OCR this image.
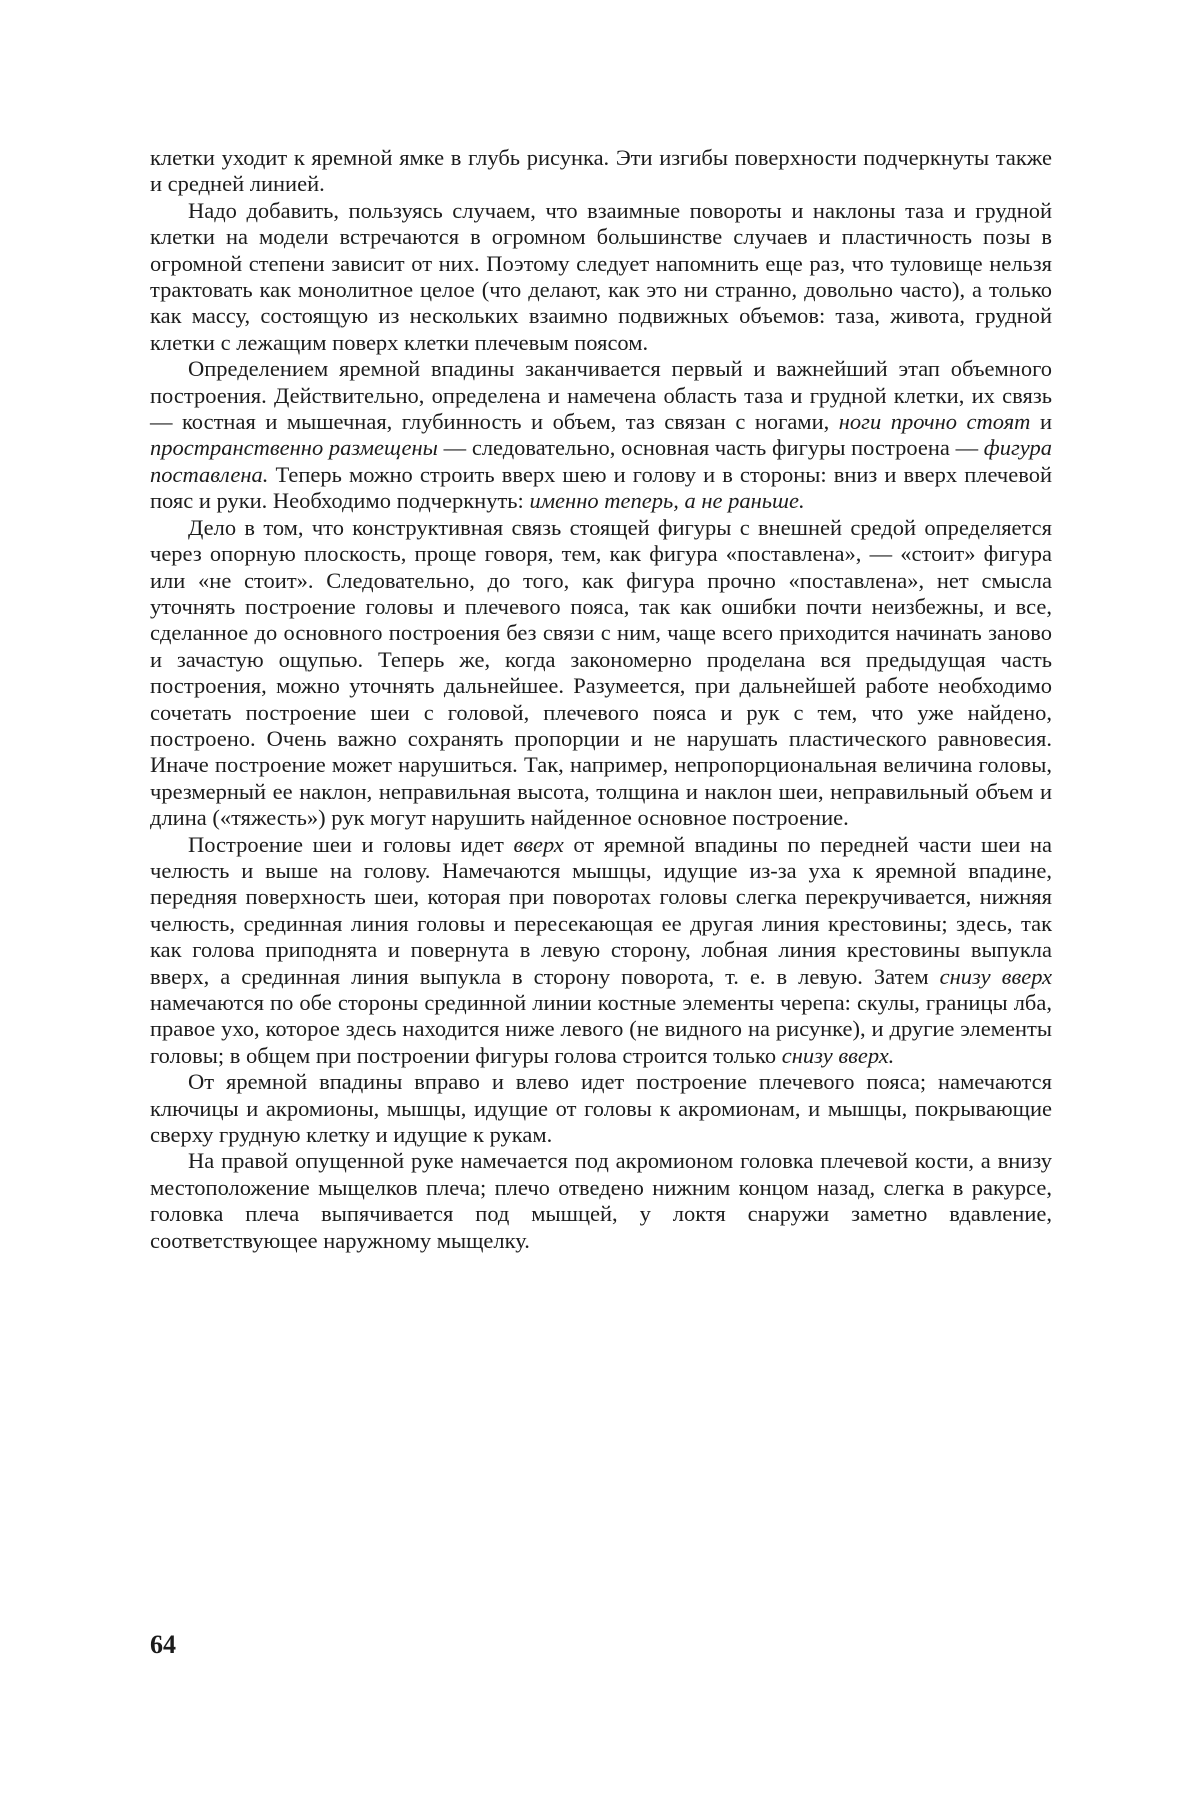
клетки уходит к яремной ямке в глубь рисунка. Эти изгибы поверхности подчеркнуты также и средней линией.

Надо добавить, пользуясь случаем, что взаимные повороты и наклоны таза и грудной клетки на модели встречаются в огромном большинстве случаев и пластичность позы в огромной степени зависит от них. Поэтому следует напомнить еще раз, что туловище нельзя трактовать как монолитное целое (что делают, как это ни странно, довольно часто), а только как массу, состоящую из нескольких взаимно подвижных объемов: таза, живота, грудной клетки с лежащим поверх клетки плечевым поясом.

Определением яремной впадины заканчивается первый и важнейший этап объемного построения. Действительно, определена и намечена область таза и грудной клетки, их связь — костная и мышечная, глубинность и объем, таз связан с ногами, ноги прочно стоят и пространственно размещены — следовательно, основная часть фигуры построена — фигура поставлена. Теперь можно строить вверх шею и голову и в стороны: вниз и вверх плечевой пояс и руки. Необходимо подчеркнуть: именно теперь, а не раньше.

Дело в том, что конструктивная связь стоящей фигуры с внешней средой определяется через опорную плоскость, проще говоря, тем, как фигура «поставлена», — «стоит» фигура или «не стоит». Следовательно, до того, как фигура прочно «поставлена», нет смысла уточнять построение головы и плечевого пояса, так как ошибки почти неизбежны, и все, сделанное до основного построения без связи с ним, чаще всего приходится начинать заново и зачастую ощупью. Теперь же, когда закономерно проделана вся предыдущая часть построения, можно уточнять дальнейшее. Разумеется, при дальнейшей работе необходимо сочетать построение шеи с головой, плечевого пояса и рук с тем, что уже найдено, построено. Очень важно сохранять пропорции и не нарушать пластического равновесия. Иначе построение может нарушиться. Так, например, непропорциональная величина головы, чрезмерный ее наклон, неправильная высота, толщина и наклон шеи, неправильный объем и длина («тяжесть») рук могут нарушить найденное основное построение.

Построение шеи и головы идет вверх от яремной впадины по передней части шеи на челюсть и выше на голову. Намечаются мышцы, идущие из-за уха к яремной впадине, передняя поверхность шеи, которая при поворотах головы слегка перекручивается, нижняя челюсть, срединная линия головы и пересекающая ее другая линия крестовины; здесь, так как голова приподнята и повернута в левую сторону, лобная линия крестовины выпукла вверх, а срединная линия выпукла в сторону поворота, т. е. в левую. Затем снизу вверх намечаются по обе стороны срединной линии костные элементы черепа: скулы, границы лба, правое ухо, которое здесь находится ниже левого (не видного на рисунке), и другие элементы головы; в общем при построении фигуры голова строится только снизу вверх.

От яремной впадины вправо и влево идет построение плечевого пояса; намечаются ключицы и акромионы, мышцы, идущие от головы к акромионам, и мышцы, покрывающие сверху грудную клетку и идущие к рукам.

На правой опущенной руке намечается под акромионом головка плечевой кости, а внизу местоположение мыщелков плеча; плечо отведено нижним концом назад, слегка в ракурсе, головка плеча выпячивается под мышцей, у локтя снаружи заметно вдавление, соответствующее наружному мыщелку.

64
